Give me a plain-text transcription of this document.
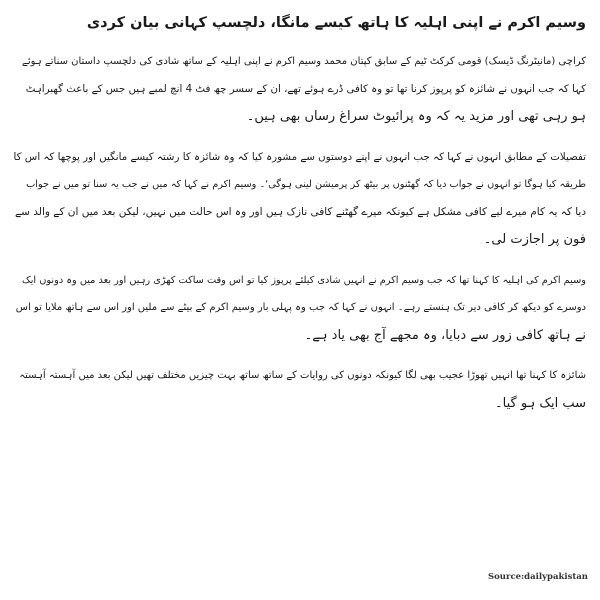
وسیم اکرم نے اپنی اہلیہ کا ہاتھ کیسے مانگا، دلچسپ کہانی بیان کردی
کراچی (مانیٹرنگ ڈیسک) قومی کرکٹ ٹیم کے سابق کپتان محمد وسیم اکرم نے اپنی اہلیہ کے ساتھ شادی کی دلچسپ داستان سناتے ہوئے
کہا کہ جب انہوں نے شائزہ کو پرپوز کرنا تھا تو وہ کافی ڈرے ہوئے تھے، ان کے سسر چھ فٹ 4 انچ لمبے ہیں جس کے باعث گھبراہٹ
ہو رہی تھی اور مزید یہ کہ وہ پرائیوٹ سراغ رساں بھی ہیں۔
تفصیلات کے مطابق انہوں نے کہا کہ جب انہوں نے اپنے دوستوں سے مشورہ کیا کہ وہ شائزہ کا رشتہ کیسے مانگیں اور پوچھا کہ اس کا
طریقہ کیا ہوگا تو انہوں نے جواب دیا کہ گھٹنوں پر بیٹھ کر پرمیشن لینی ہوگی‘۔ وسیم اکرم نے کہا کہ میں نے جب یہ سنا تو میں نے جواب
دیا کہ یہ کام میرے لیے کافی مشکل ہے کیونکہ میرے گھٹنے کافی نازک ہیں اور وہ اس حالت میں نہیں، لیکن بعد میں ان کے والد سے
فون پر اجازت لی۔
وسیم اکرم کی اہلیہ کا کہنا تھا کہ جب وسیم اکرم نے انہیں شادی کیلئے پرپوز کیا تو اس وقت ساکت کھڑی رہیں اور بعد میں وہ دونوں ایک
دوسرے کو دیکھ کر کافی دیر تک ہنستے رہے۔ انہوں نے کہا کہ جب وہ پہلی بار وسیم اکرم کے بیٹے سے ملیں اور اس سے ہاتھ ملایا تو اس
نے ہاتھ کافی زور سے دبایا، وہ مجھے آج بھی یاد ہے۔
شائزہ کا کہنا تھا انہیں تھوڑا عجیب بھی لگا کیونکہ دونوں کی روایات کے ساتھ ساتھ بہت چیزیں مختلف تھیں لیکن بعد میں آہستہ آہستہ
سب ایک ہو گیا۔
Source:dailypakistan
